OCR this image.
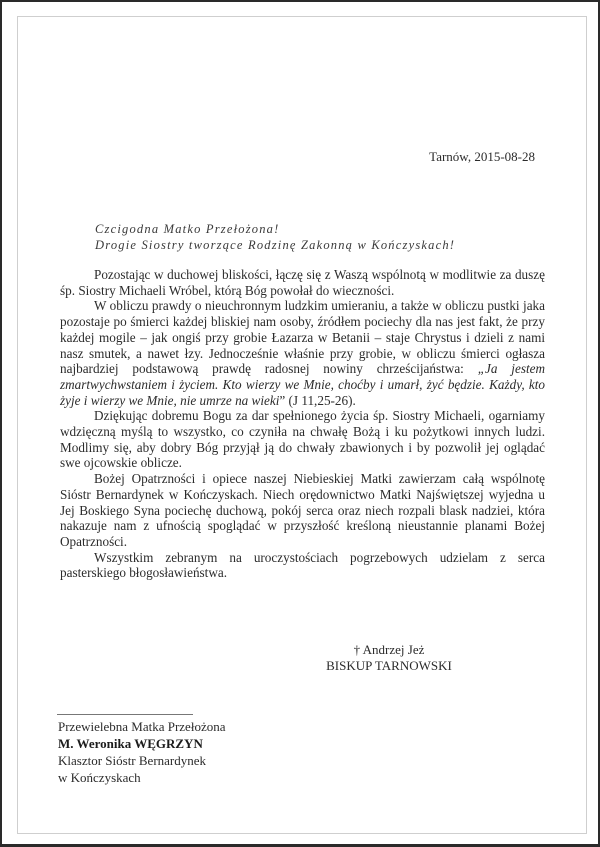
Tarnów, 2015-08-28
Czcigodna Matko Przełożona!
Drogie Siostry tworzące Rodzinę Zakonną w Kończyskach!

Pozostając w duchowej bliskości, łączę się z Waszą wspólnotą w modlitwie za duszę śp. Siostry Michaeli Wróbel, którą Bóg powołał do wieczności.

W obliczu prawdy o nieuchronnym ludzkim umieraniu, a także w obliczu pustki jaka pozostaje po śmierci każdej bliskiej nam osoby, źródłem pociechy dla nas jest fakt, że przy każdej mogile – jak ongiś przy grobie Łazarza w Betanii – staje Chrystus i dzieli z nami nasz smutek, a nawet łzy. Jednocześnie właśnie przy grobie, w obliczu śmierci ogłasza najbardziej podstawową prawdę radosnej nowiny chrześcijaństwa: „Ja jestem zmartwychwstaniem i życiem. Kto wierzy we Mnie, choćby i umarł, żyć będzie. Każdy, kto żyje i wierzy we Mnie, nie umrze na wieki” (J 11,25-26).

Dziękując dobremu Bogu za dar spełnionego życia śp. Siostry Michaeli, ogarniamy wdzięczną myślą to wszystko, co czyniła na chwałę Bożą i ku pożytkowi innych ludzi. Modlimy się, aby dobry Bóg przyjął ją do chwały zbawionych i by pozwolił jej oglądać swe ojcowskie oblicze.

Bożej Opatrzności i opiece naszej Niebieskiej Matki zawierzam całą wspólnotę Sióstr Bernardynek w Kończyskach. Niech orędownictwo Matki Najświętszej wyjedna u Jej Boskiego Syna pociechę duchową, pokój serca oraz niech rozpali blask nadziei, która nakazuje nam z ufnością spoglądać w przyszłość kreśloną nieustannie planami Bożej Opatrzności.

Wszystkim zebranym na uroczystościach pogrzebowych udzielam z serca pasterskiego błogosławieństwa.

† Andrzej Jeż
BISKUP TARNOWSKI
Przewielebna Matka Przełożona
M. Weronika WĘGRZYN
Klasztor Sióstr Bernardynek
w Kończyskach
